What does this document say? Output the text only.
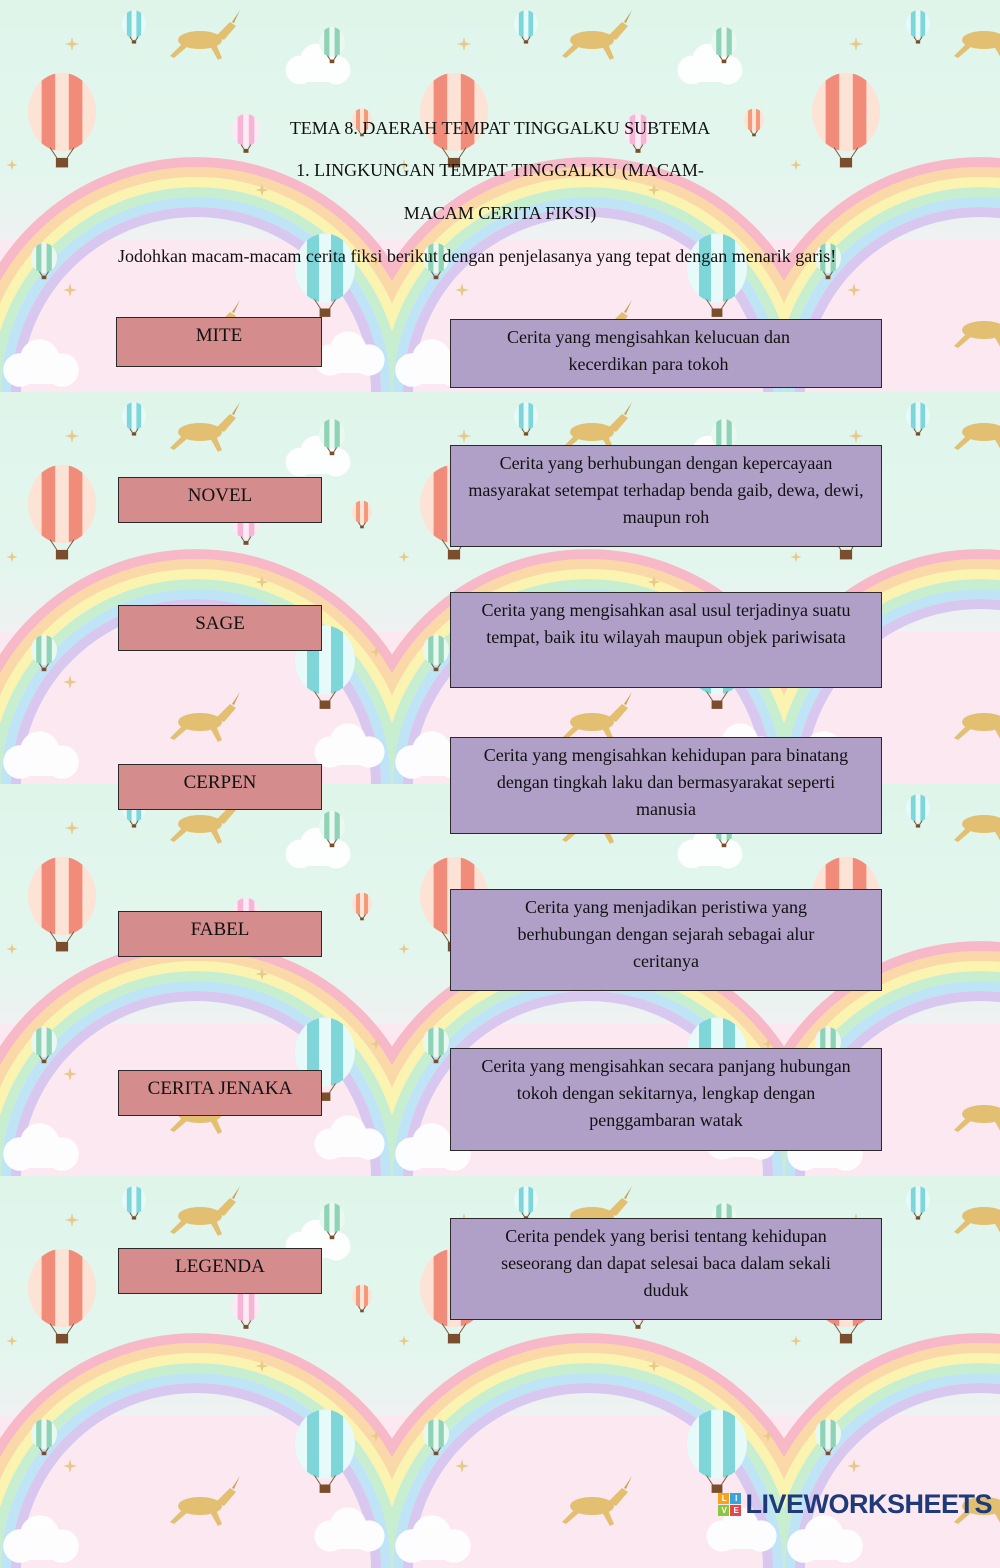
TEMA 8. DAERAH TEMPAT TINGGALKU SUBTEMA
1. LINGKUNGAN TEMPAT TINGGALKU (MACAM-
MACAM CERITA FIKSI)
Jodohkan macam-macam cerita fiksi berikut dengan penjelasanya yang tepat dengan menarik garis!
MITE
NOVEL
SAGE
CERPEN
FABEL
CERITA JENAKA
LEGENDA
Cerita yang mengisahkan kelucuan dan kecerdikan para tokoh
Cerita yang berhubungan dengan kepercayaan masyarakat setempat terhadap benda gaib, dewa, dewi, maupun roh
Cerita yang mengisahkan asal usul terjadinya suatu tempat, baik itu wilayah maupun objek pariwisata
Cerita yang mengisahkan kehidupan para binatang dengan tingkah laku dan bermasyarakat seperti manusia
Cerita yang menjadikan peristiwa yang berhubungan dengan sejarah sebagai alur ceritanya
Cerita yang mengisahkan secara panjang hubungan tokoh dengan sekitarnya, lengkap dengan penggambaran watak
Cerita pendek yang berisi tentang kehidupan seseorang dan dapat selesai baca dalam sekali duduk
L	I
V E LIVEWORKSHEETS
